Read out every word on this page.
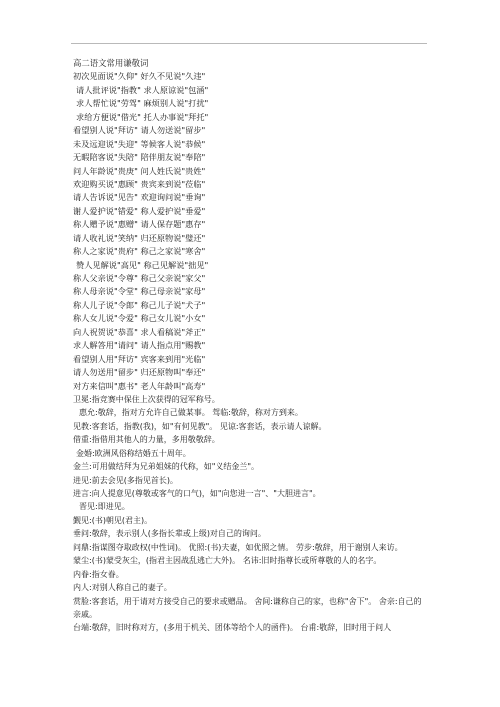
高二语文常用谦敬词
初次见面说"久仰" 好久不见说"久违"
请人批评说"指教" 求人原谅说"包涵"
求人帮忙说"劳驾" 麻烦别人说"打扰"
求给方便说"借光" 托人办事说"拜托"
看望别人说"拜访" 请人勿送说"留步"
未及远迎说"失迎" 等候客人说"恭候"
无暇陪客说"失陪" 陪伴朋友说"奉陪"
问人年龄说"贵庚" 问人姓氏说"贵姓"
欢迎购买说"惠顾" 贵宾来到说"莅临"
请人告诉说"见告" 欢迎询问说"垂询"
谢人爱护说"错爱" 称人爱护说"垂爱"
称人赠予说"惠赠" 请人保存题"惠存"
请人收礼说"笑纳" 归还原物说"璧还"
称人之家说"贵府" 称己之家说"寒舍"
赞人见解说"高见" 称己见解说"拙见"
称人父亲说"令尊" 称己父亲说"家父"
称人母亲说"令堂" 称己母亲说"家母"
称人儿子说"令郎" 称己儿子说"犬子"
称人女儿说"令爱" 称己女儿说"小女"
向人祝贺说"恭喜" 求人看稿说"斧正"
求人解答用"请问" 请人指点用"赐教"
看望别人用"拜访" 宾客来到用"光临"
请人勿送用"留步" 归还原物叫"奉还"
对方来信叫"惠书" 老人年龄叫"高寿"
卫冕:指竞赛中保住上次获得的冠军称号。
惠允:敬辞，指对方允许自己做某事。 驾临:敬辞，称对方到来。
见教:客套话，指教(我)，如"有何见教"。 见谅:客套话，表示请人谅解。
借重:指借用其他人的力量，多用敬敬辞。
金婚:欧洲风俗称结婚五十周年。
金兰:可用做结拜为兄弟姐妹的代称，如"义结金兰"。
进见:前去会见(多指见首长)。
进言:向人提意见(尊敬或客气的口气)，如"向您进一言"、"大胆进言"。
晋见:即进见。
觐见:(书)朝见(君主)。
垂问:敬辞，表示别人(多指长辈或上级)对自己的询问。
问鼎:指谋图夺取政权(中性词)。 优照:(书)夫妻，如优照之情。 劳步:敬辞，用于谢别人来访。
蒙尘:(书)蒙受灰尘，(指君主因战乱逃亡大外)。 名讳:旧时指尊长或所尊敬的人的名字。
内眷:指女眷。
内人:对别人称自己的妻子。
赏脸:客套话，用于请对方接受自己的要求或赠品。 舍间:谦称自己的家，也称"舍下"。 舍亲:自己的亲戚。
台端:敬辞，旧时称对方，(多用于机关、团体等给个人的函件)。 台甫:敬辞，旧时用于问人
